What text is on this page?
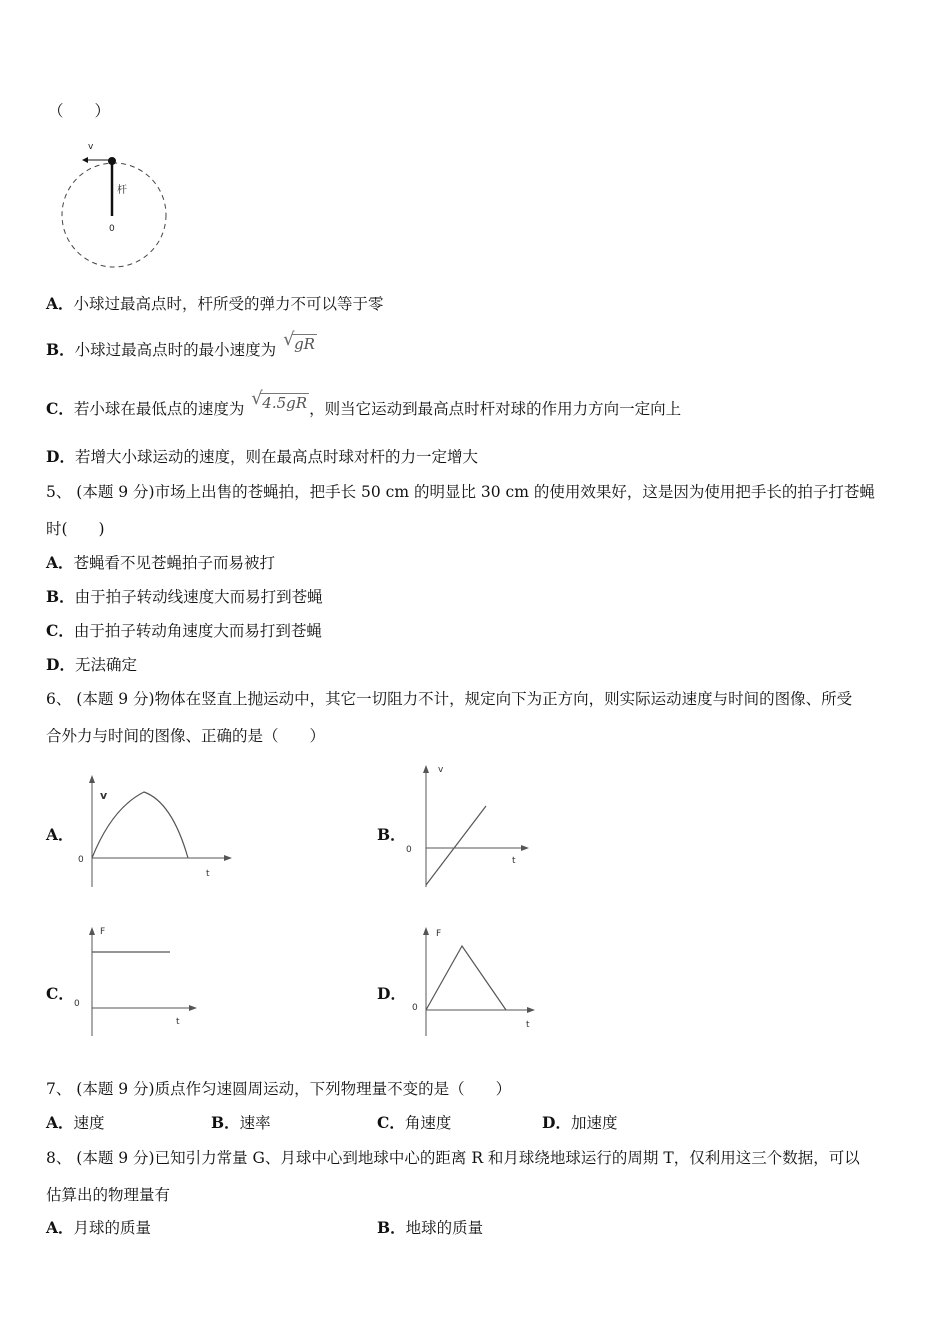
（　　）
v
杆
0
A．小球过最高点时，杆所受的弹力不可以等于零
B．小球过最高点时的最小速度为 √ gR
C．若小球在最低点的速度为 √ 4.5gR ，则当它运动到最高点时杆对球的作用力方向一定向上
D．若增大小球运动的速度，则在最高点时球对杆的力一定增大
5、 (本题 9 分)市场上出售的苍蝇拍，把手长 50 cm 的明显比 30 cm 的使用效果好，这是因为使用把手长的拍子打苍蝇
时(　　)
A．苍蝇看不见苍蝇拍子而易被打
B．由于拍子转动线速度大而易打到苍蝇
C．由于拍子转动角速度大而易打到苍蝇
D．无法确定
6、 (本题 9 分)物体在竖直上抛运动中，其它一切阻力不计，规定向下为正方向，则实际运动速度与时间的图像、所受
合外力与时间的图像、正确的是（　　）
A．
v
0
t
B．
v
0
t
C．
F
0
t
D．
F
0
t
7、 (本题 9 分)质点作匀速圆周运动，下列物理量不变的是（　　）
A．速度	B．速率	C．角速度	D．加速度
8、 (本题 9 分)已知引力常量 G、月球中心到地球中心的距离 R 和月球绕地球运行的周期 T，仅利用这三个数据，可以
估算出的物理量有
A．月球的质量	B．地球的质量
